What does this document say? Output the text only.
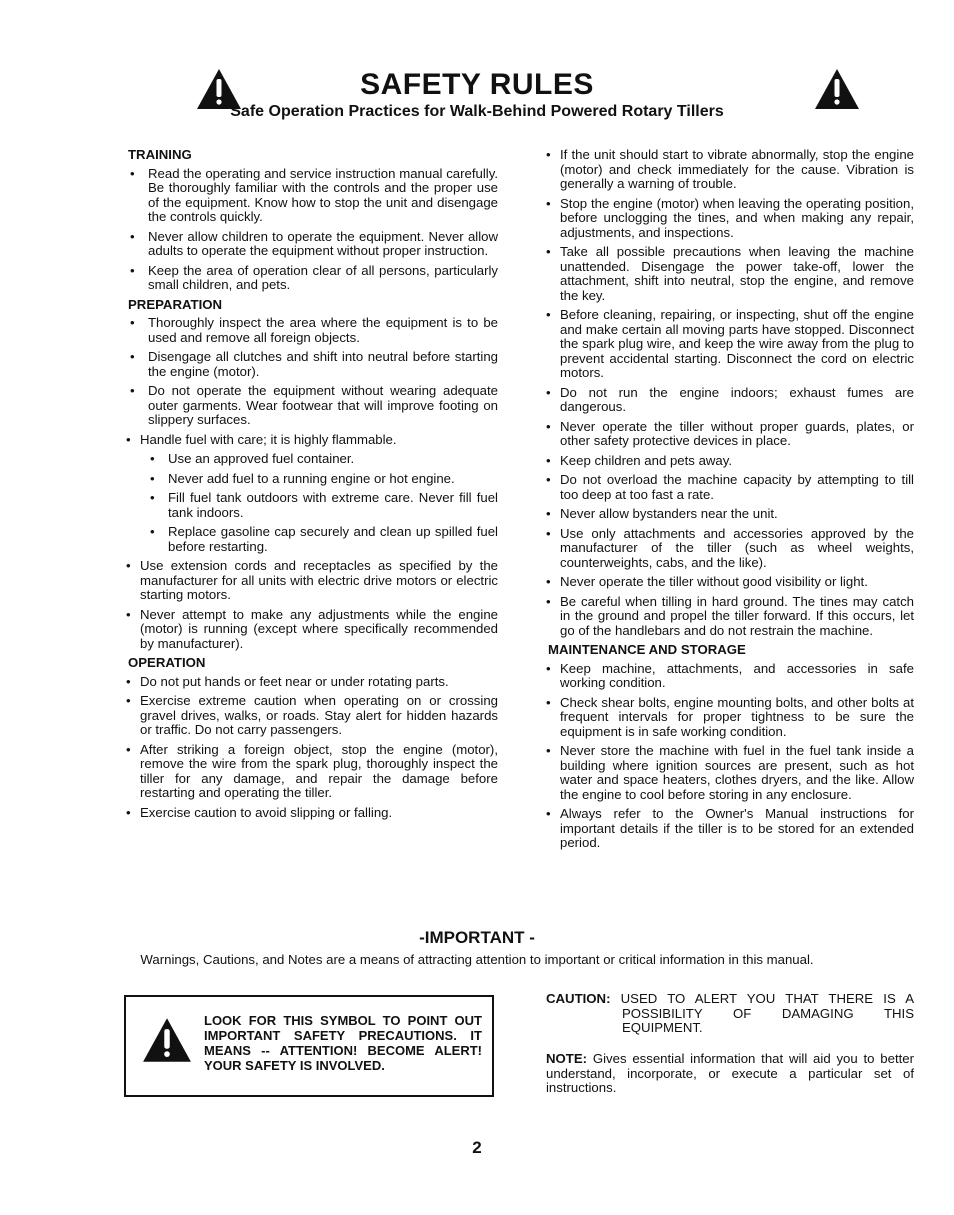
SAFETY RULES
Safe Operation Practices for Walk-Behind Powered Rotary Tillers
TRAINING
• Read the operating and service instruction manual carefully. Be thoroughly familiar with the controls and the proper use of the equipment. Know how to stop the unit and disengage the controls quickly.
• Never allow children to operate the equipment. Never allow adults to operate the equipment without proper instruction.
• Keep the area of operation clear of all persons, particularly small children, and pets.
PREPARATION
• Thoroughly inspect the area where the equipment is to be used and remove all foreign objects.
• Disengage all clutches and shift into neutral before starting the engine (motor).
• Do not operate the equipment without wearing adequate outer garments. Wear footwear that will improve footing on slippery surfaces.
• Handle fuel with care; it is highly flammable.
• Use an approved fuel container.
• Never add fuel to a running engine or hot engine.
• Fill fuel tank outdoors with extreme care. Never fill fuel tank indoors.
• Replace gasoline cap securely and clean up spilled fuel before restarting.
• Use extension cords and receptacles as specified by the manufacturer for all units with electric drive motors or electric starting motors.
• Never attempt to make any adjustments while the engine (motor) is running (except where specifically recommended by manufacturer).
OPERATION
• Do not put hands or feet near or under rotating parts.
• Exercise extreme caution when operating on or crossing gravel drives, walks, or roads. Stay alert for hidden hazards or traffic. Do not carry passengers.
• After striking a foreign object, stop the engine (motor), remove the wire from the spark plug, thoroughly inspect the tiller for any damage, and repair the damage before restarting and operating the tiller.
• Exercise caution to avoid slipping or falling.
• If the unit should start to vibrate abnormally, stop the engine (motor) and check immediately for the cause. Vibration is generally a warning of trouble.
• Stop the engine (motor) when leaving the operating position, before unclogging the tines, and when making any repair, adjustments, and inspections.
• Take all possible precautions when leaving the machine unattended. Disengage the power take-off, lower the attachment, shift into neutral, stop the engine, and remove the key.
• Before cleaning, repairing, or inspecting, shut off the engine and make certain all moving parts have stopped. Disconnect the spark plug wire, and keep the wire away from the plug to prevent accidental starting. Disconnect the cord on electric motors.
• Do not run the engine indoors; exhaust fumes are dangerous.
• Never operate the tiller without proper guards, plates, or other safety protective devices in place.
• Keep children and pets away.
• Do not overload the machine capacity by attempting to till too deep at too fast a rate.
• Never allow bystanders near the unit.
• Use only attachments and accessories approved by the manufacturer of the tiller (such as wheel weights, counterweights, cabs, and the like).
• Never operate the tiller without good visibility or light.
• Be careful when tilling in hard ground. The tines may catch in the ground and propel the tiller forward. If this occurs, let go of the handlebars and do not restrain the machine.
MAINTENANCE AND STORAGE
• Keep machine, attachments, and accessories in safe working condition.
• Check shear bolts, engine mounting bolts, and other bolts at frequent intervals for proper tightness to be sure the equipment is in safe working condition.
• Never store the machine with fuel in the fuel tank inside a building where ignition sources are present, such as hot water and space heaters, clothes dryers, and the like. Allow the engine to cool before storing in any enclosure.
• Always refer to the Owner's Manual instructions for important details if the tiller is to be stored for an extended period.
-IMPORTANT -
Warnings, Cautions, and Notes are a means of attracting attention to important or critical information in this manual.
LOOK FOR THIS SYMBOL TO POINT OUT IMPORTANT SAFETY PRECAUTIONS. IT MEANS -- ATTENTION! BECOME ALERT! YOUR SAFETY IS INVOLVED.
CAUTION: USED TO ALERT YOU THAT THERE IS A POSSIBILITY OF DAMAGING THIS EQUIPMENT.
NOTE: Gives essential information that will aid you to better understand, incorporate, or execute a particular set of instructions.
2
